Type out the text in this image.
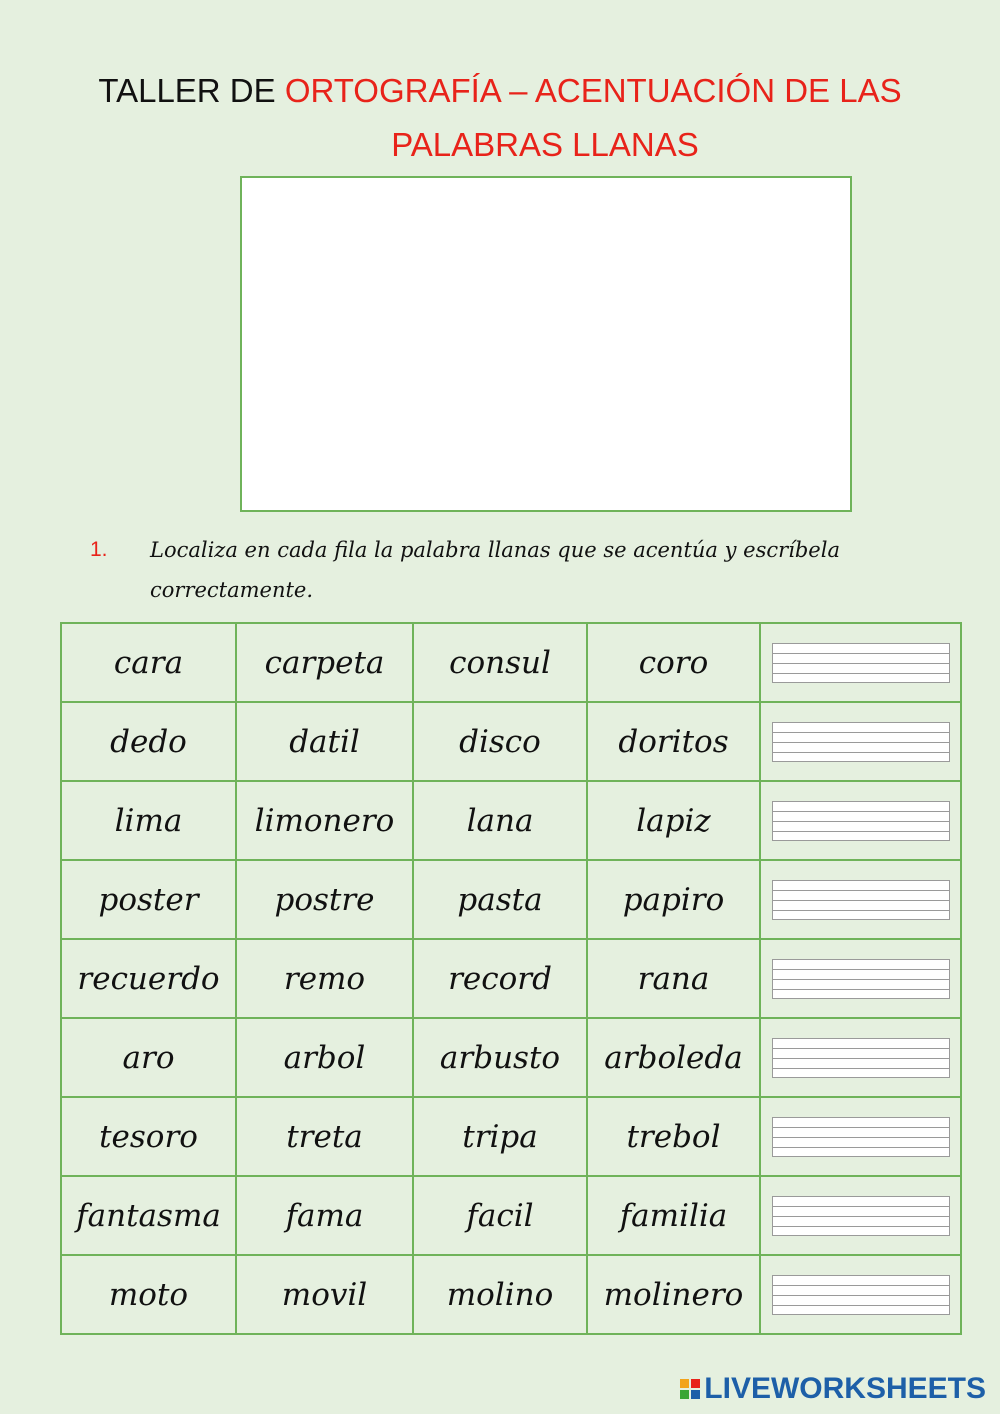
TALLER DE ORTOGRAFÍA – ACENTUACIÓN DE LAS
PALABRAS LLANAS
1.	Localiza en cada fila la palabra llanas que se acentúa y escríbela correctamente.
cara	carpeta	consul	coro	

dedo	datil	disco	doritos	

lima	limonero	lana	lapiz	

poster	postre	pasta	papiro	

recuerdo	remo	record	rana	

aro	arbol	arbusto	arboleda	

tesoro	treta	tripa	trebol	

fantasma	fama	facil	familia	

moto	movil	molino	molinero	
LIVEWORKSHEETS
